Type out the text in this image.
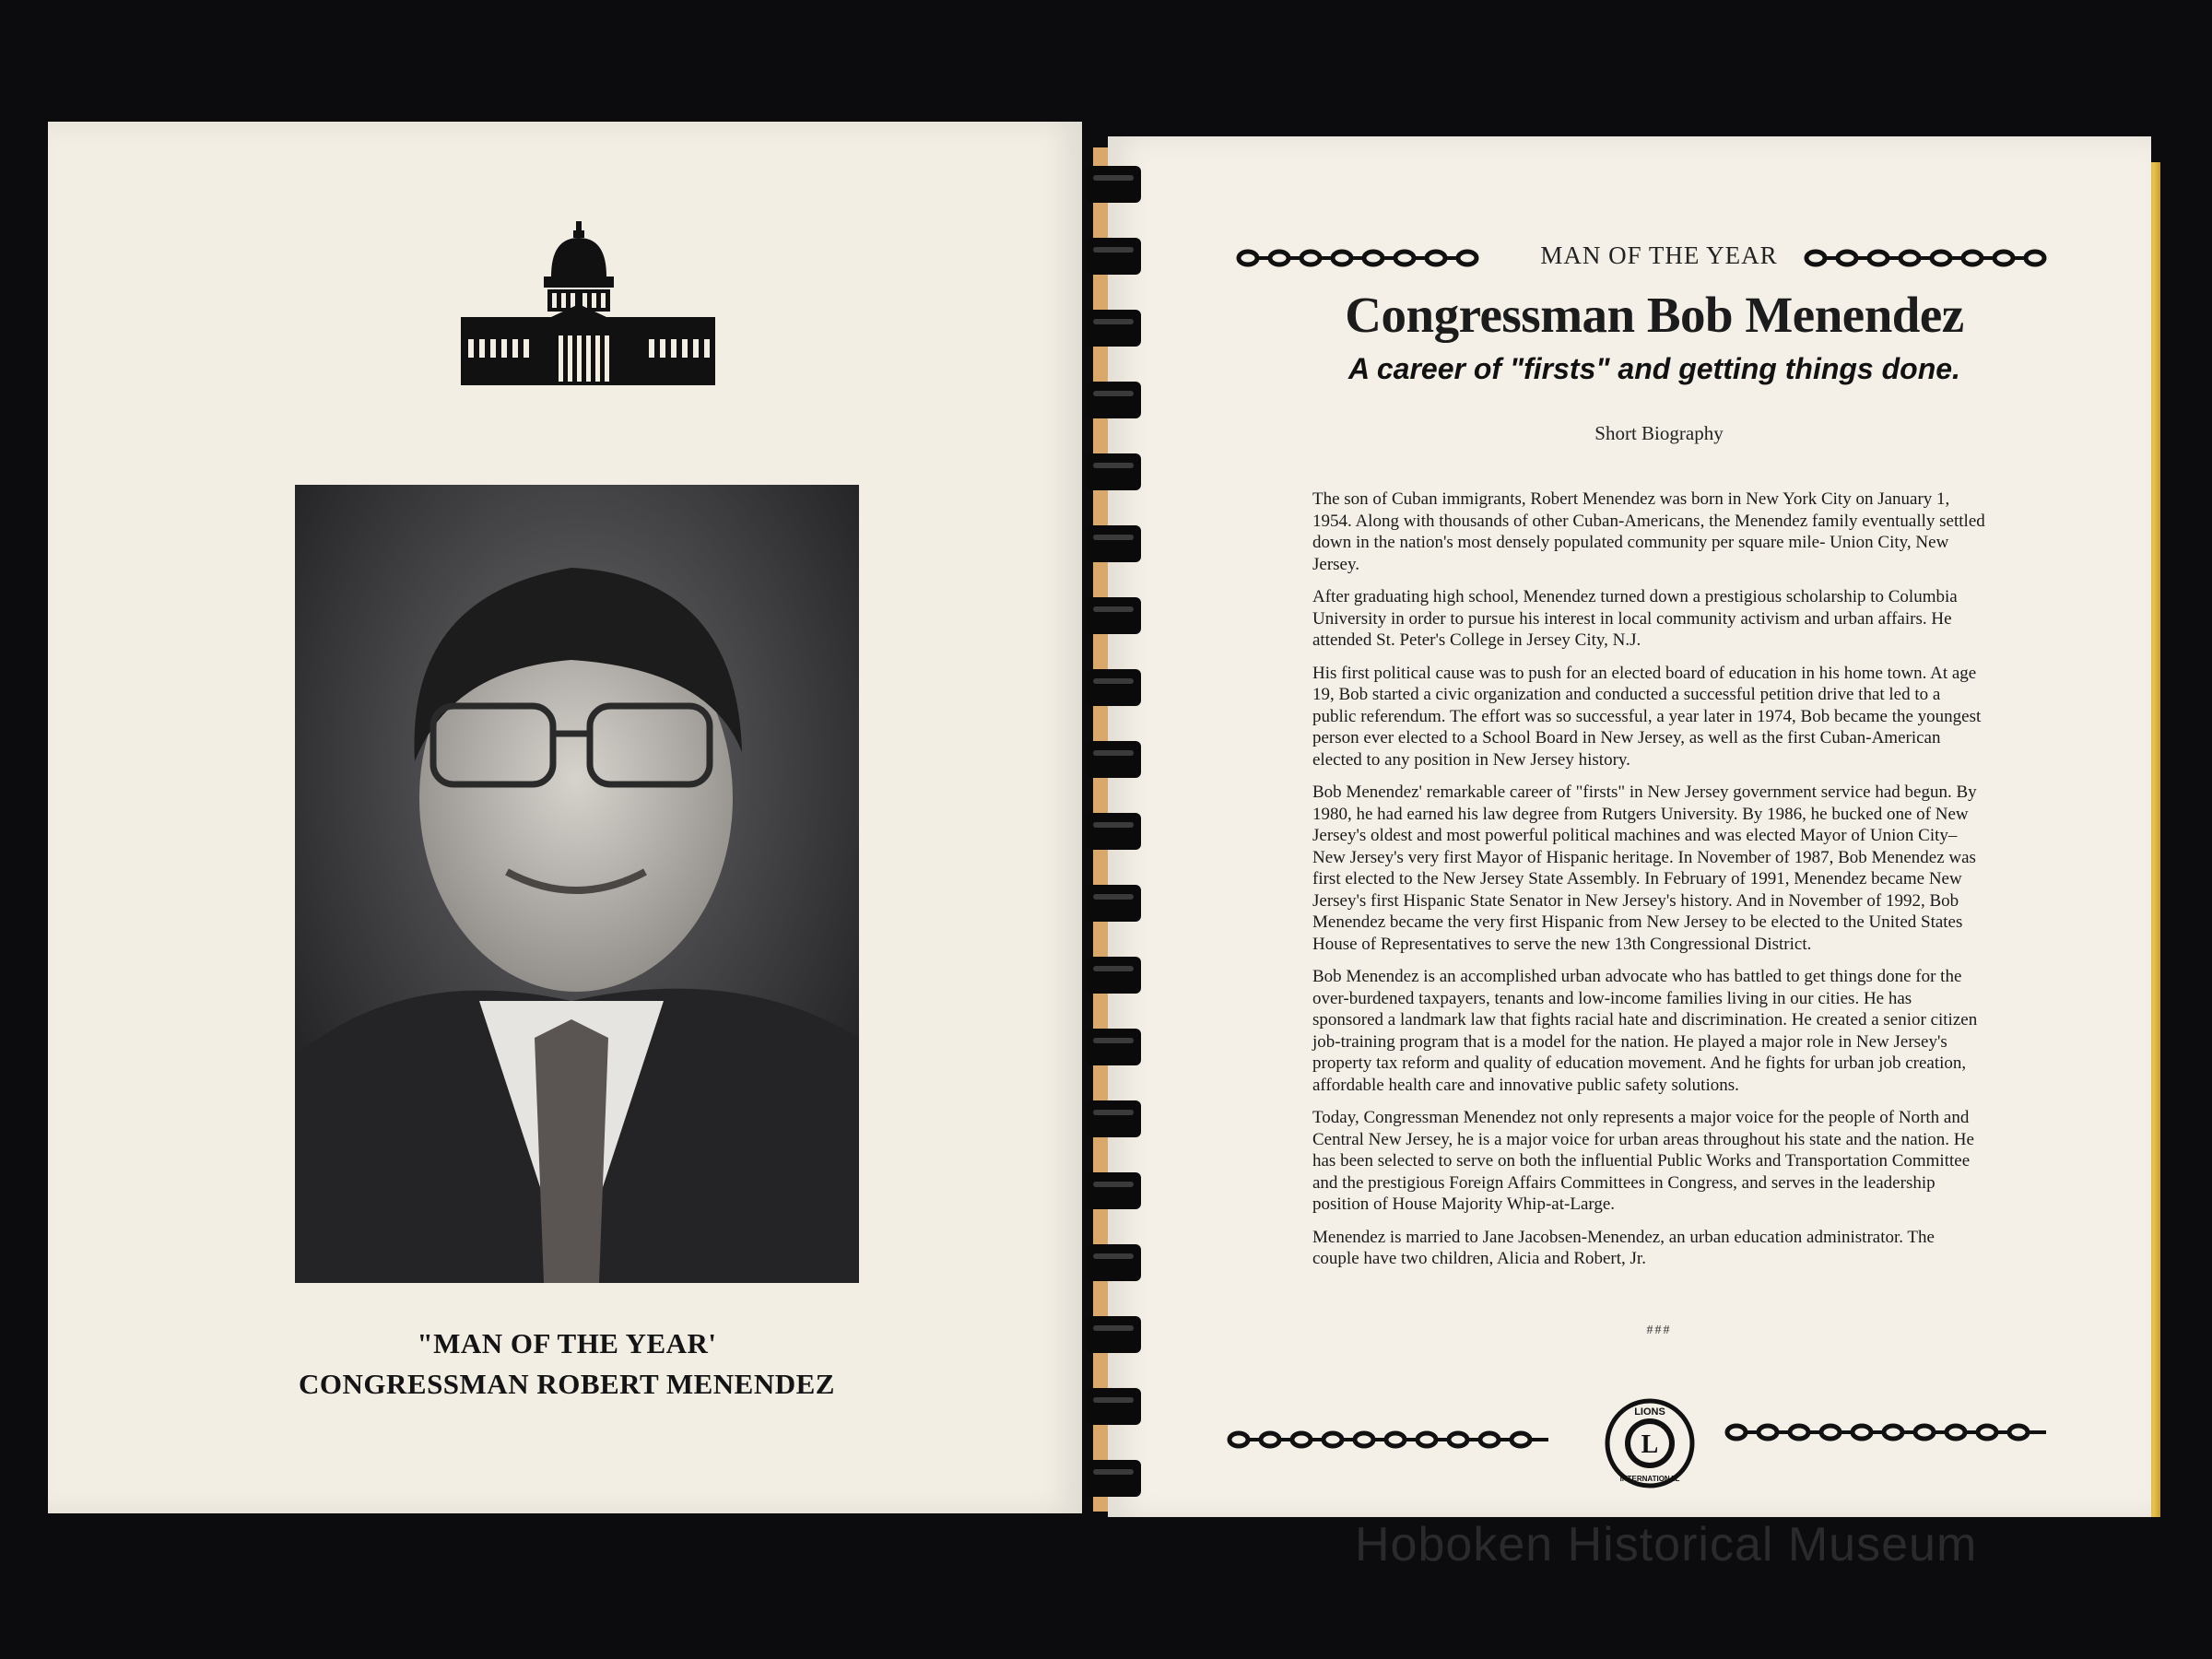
"MAN OF THE YEAR'
CONGRESSMAN ROBERT MENENDEZ
MAN OF THE YEAR
Congressman Bob Menendez
A career of "firsts" and getting things done.
Short Biography

The son of Cuban immigrants, Robert Menendez was born in New York City on January 1, 1954. Along with thousands of other Cuban-Americans, the Menendez family eventually settled down in the nation's most densely populated community per square mile- Union City, New Jersey.

After graduating high school, Menendez turned down a prestigious scholarship to Columbia University in order to pursue his interest in local community activism and urban affairs. He attended St. Peter's College in Jersey City, N.J.

His first political cause was to push for an elected board of education in his home town. At age 19, Bob started a civic organization and conducted a successful petition drive that led to a public referendum. The effort was so successful, a year later in 1974, Bob became the youngest person ever elected to a School Board in New Jersey, as well as the first Cuban-American elected to any position in New Jersey history.

Bob Menendez' remarkable career of "firsts" in New Jersey government service had begun. By 1980, he had earned his law degree from Rutgers University. By 1986, he bucked one of New Jersey's oldest and most powerful political machines and was elected Mayor of Union City– New Jersey's very first Mayor of Hispanic heritage. In November of 1987, Bob Menendez was first elected to the New Jersey State Assembly. In February of 1991, Menendez became New Jersey's first Hispanic State Senator in New Jersey's history. And in November of 1992, Bob Menendez became the very first Hispanic from New Jersey to be elected to the United States House of Representatives to serve the new 13th Congressional District.

Bob Menendez is an accomplished urban advocate who has battled to get things done for the over-burdened taxpayers, tenants and low-income families living in our cities. He has sponsored a landmark law that fights racial hate and discrimination. He created a senior citizen job-training program that is a model for the nation. He played a major role in New Jersey's property tax reform and quality of education movement. And he fights for urban job creation, affordable health care and innovative public safety solutions.

Today, Congressman Menendez not only represents a major voice for the people of North and Central New Jersey, he is a major voice for urban areas throughout his state and the nation. He has been selected to serve on both the influential Public Works and Transportation Committee and the prestigious Foreign Affairs Committees in Congress, and serves in the leadership position of House Majority Whip-at-Large.

Menendez is married to Jane Jacobsen-Menendez, an urban education administrator. The couple have two children, Alicia and Robert, Jr.

###
L
LIONS
INTERNATIONAL
Hoboken Historical Museum
